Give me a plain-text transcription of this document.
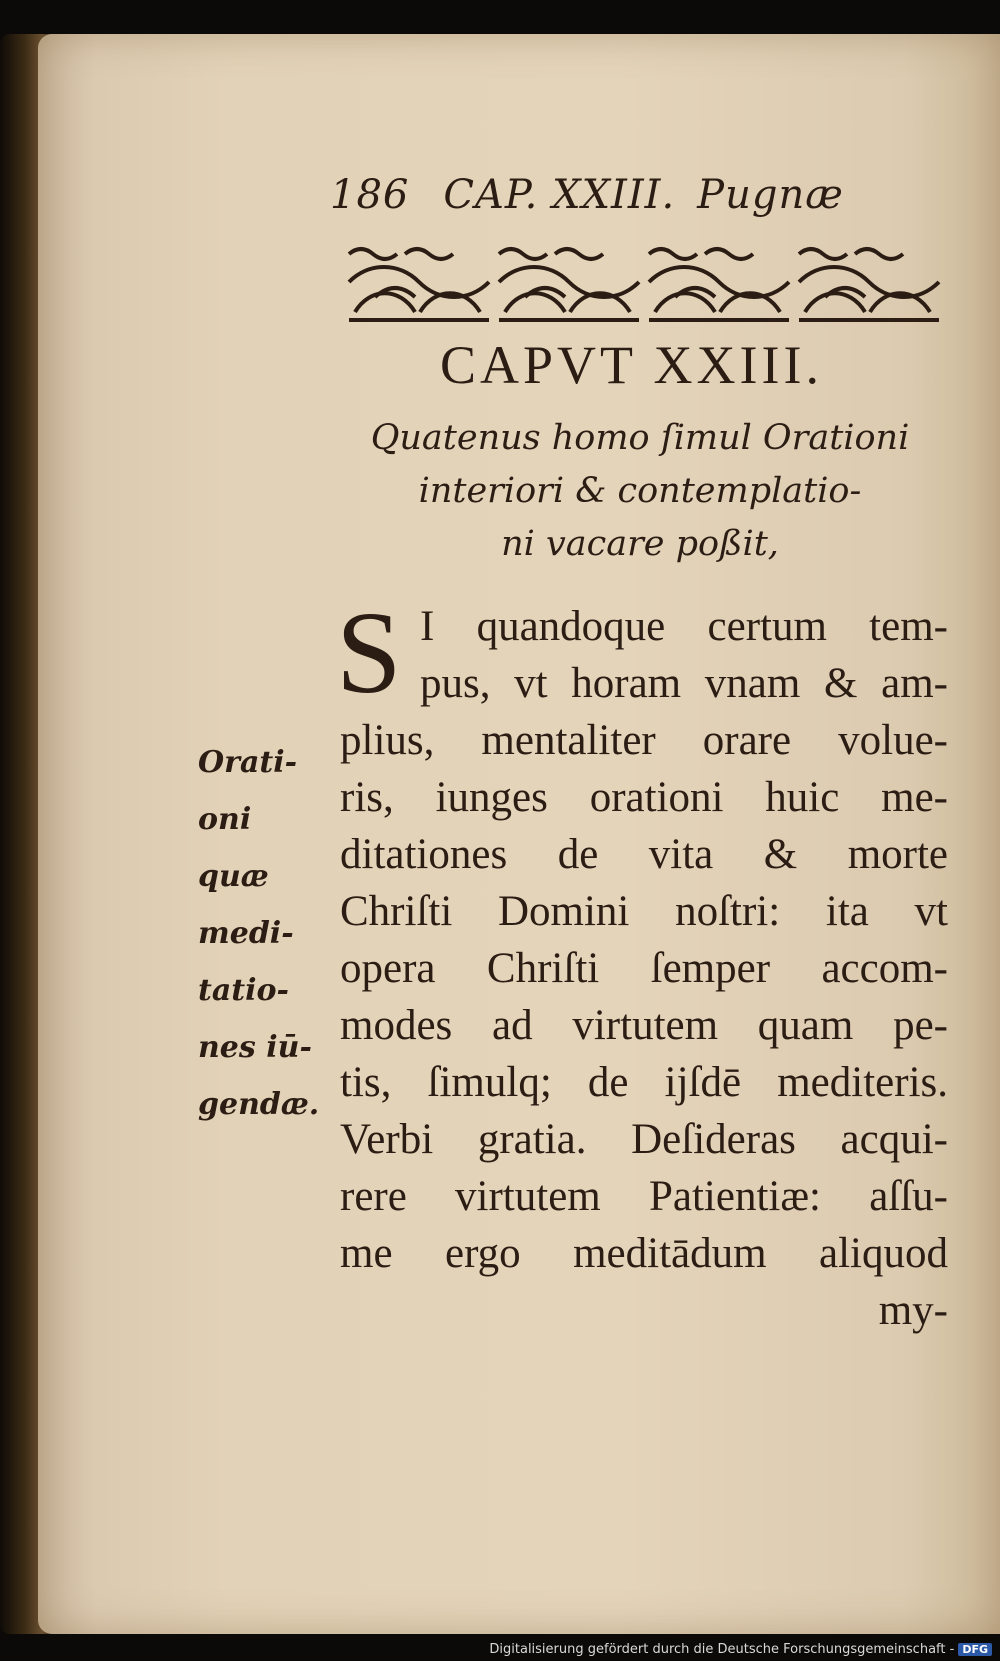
186 CAP. XXIII. Pugnæ
CAPVT XXIII.
Quatenus homo ſimul Orationi
interiori & contemplatio-
ni vacare poßit,
S I quandoque certum tem-
pus, vt horam vnam & am-
plius, mentaliter orare volue-
ris, iunges orationi huic me-
ditationes de vita & morte
Chriſti Domini noſtri: ita vt
opera Chriſti ſemper accom-
modes ad virtutem quam pe-
tis, ſimulq; de ijſdē mediteris.
Verbi gratia. Deſideras acqui-
rere virtutem Patientiæ: aſſu-
me ergo meditādum aliquod
my-
Orati-
oni
quæ
medi-
tatio-
nes iū-
gendæ.
Digitalisierung gefördert durch die Deutsche Forschungsgemeinschaft - DFG
